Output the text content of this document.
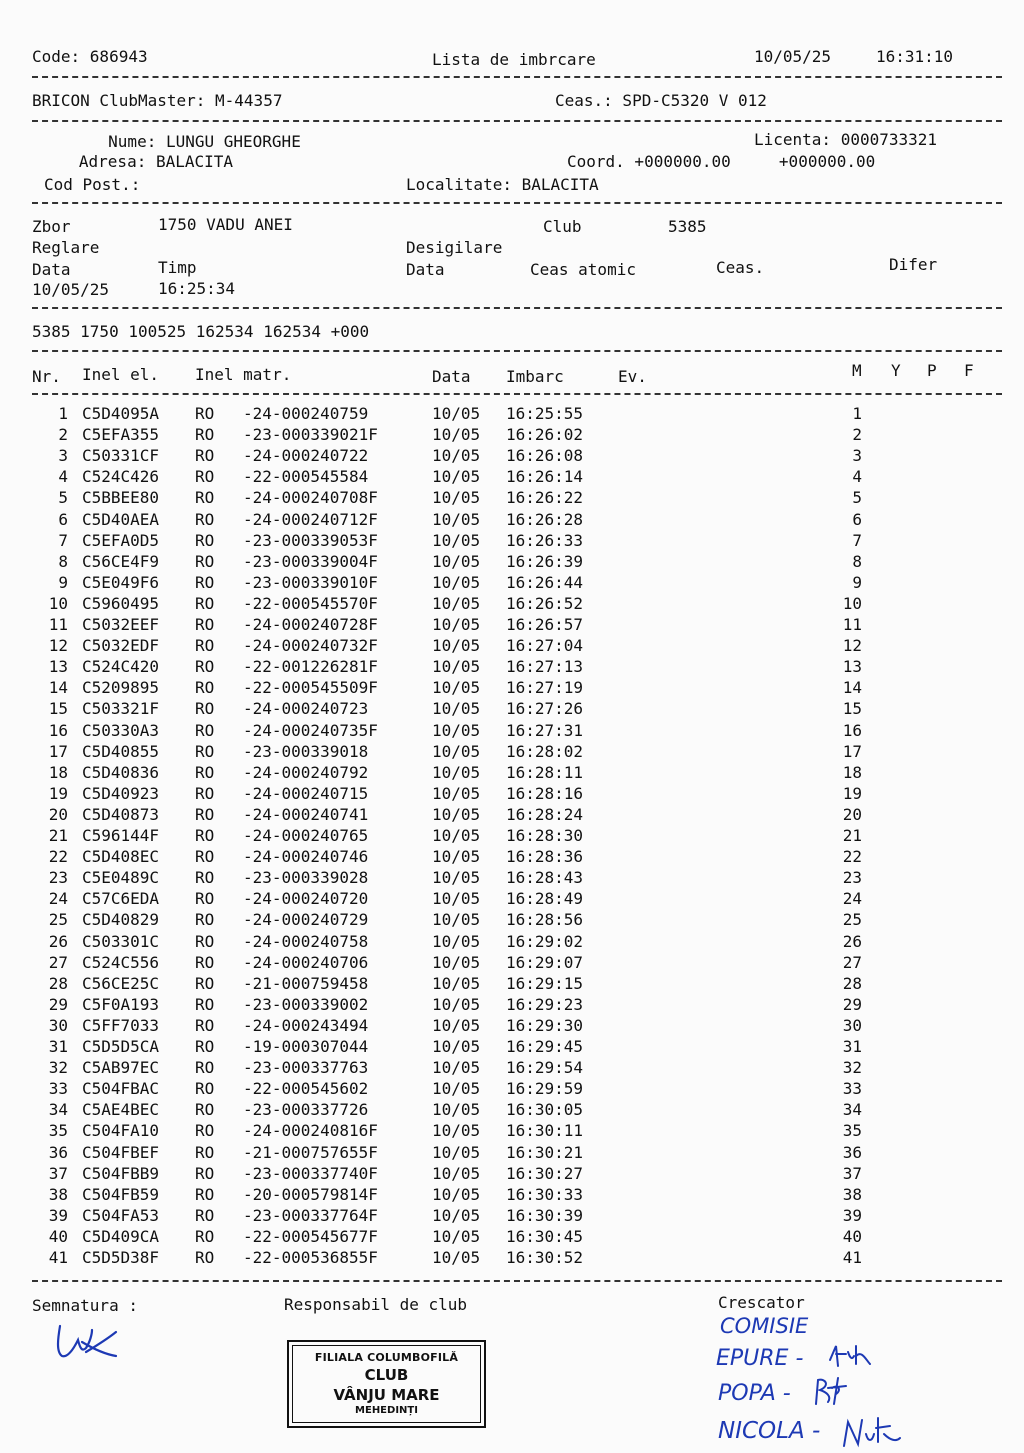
Code: 686943	Lista de imbrcare	10/05/25	16:31:10
BRICON ClubMaster: M-44357	Ceas.: SPD-C5320 V 012
Nume: LUNGU GHEORGHE	Licenta: 0000733321
Adresa: BALACITA	Coord. +000000.00     +000000.00
Cod Post.:	Localitate: BALACITA
Zbor	1750 VADU ANEI	Club	5385
Reglare	Desigilare
Data	Timp	Data	Ceas atomic	Ceas.	Difer
10/05/25	16:25:34
5385 1750 100525 162534 162534 +000
Nr. Inel el. Inel matr.	Data Imbarc	Ev.	M Y P F
1 C5D4095A RO -24-000240759	10/05 16:25:55	1
2 C5EFA355 RO -23-000339021F	10/05 16:26:02	2
3 C50331CF RO -24-000240722	10/05 16:26:08	3
4 C524C426 RO -22-000545584	10/05 16:26:14	4
5 C5BBEE80 RO -24-000240708F	10/05 16:26:22	5
6 C5D40AEA RO -24-000240712F	10/05 16:26:28	6
7 C5EFA0D5 RO -23-000339053F	10/05 16:26:33	7
8 C56CE4F9 RO -23-000339004F	10/05 16:26:39	8
9 C5E049F6 RO -23-000339010F	10/05 16:26:44	9
10 C5960495 RO -22-000545570F	10/05 16:26:52	10
11 C5032EEF RO -24-000240728F	10/05 16:26:57	11
12 C5032EDF RO -24-000240732F	10/05 16:27:04	12
13 C524C420 RO -22-001226281F	10/05 16:27:13	13
14 C5209895 RO -22-000545509F	10/05 16:27:19	14
15 C503321F RO -24-000240723	10/05 16:27:26	15
16 C50330A3 RO -24-000240735F	10/05 16:27:31	16
17 C5D40855 RO -23-000339018	10/05 16:28:02	17
18 C5D40836 RO -24-000240792	10/05 16:28:11	18
19 C5D40923 RO -24-000240715	10/05 16:28:16	19
20 C5D40873 RO -24-000240741	10/05 16:28:24	20
21 C596144F RO -24-000240765	10/05 16:28:30	21
22 C5D408EC RO -24-000240746	10/05 16:28:36	22
23 C5E0489C RO -23-000339028	10/05 16:28:43	23
24 C57C6EDA RO -24-000240720	10/05 16:28:49	24
25 C5D40829 RO -24-000240729	10/05 16:28:56	25
26 C503301C RO -24-000240758	10/05 16:29:02	26
27 C524C556 RO -24-000240706	10/05 16:29:07	27
28 C56CE25C RO -21-000759458	10/05 16:29:15	28
29 C5F0A193 RO -23-000339002	10/05 16:29:23	29
30 C5FF7033 RO -24-000243494	10/05 16:29:30	30
31 C5D5D5CA RO -19-000307044	10/05 16:29:45	31
32 C5AB97EC RO -23-000337763	10/05 16:29:54	32
33 C504FBAC RO -22-000545602	10/05 16:29:59	33
34 C5AE4BEC RO -23-000337726	10/05 16:30:05	34
35 C504FA10 RO -24-000240816F	10/05 16:30:11	35
36 C504FBEF RO -21-000757655F	10/05 16:30:21	36
37 C504FBB9 RO -23-000337740F	10/05 16:30:27	37
38 C504FB59 RO -20-000579814F	10/05 16:30:33	38
39 C504FA53 RO -23-000337764F	10/05 16:30:39	39
40 C5D409CA RO -22-000545677F	10/05 16:30:45	40
41 C5D5D38F RO -22-000536855F	10/05 16:30:52	41
Semnatura :	Responsabil de club	Crescator
FILIALA COLUMBOFILĂ
CLUB
VÂNJU MARE
MEHEDINȚI
COMISIE
EPURE -
POPA -
NICOLA -
